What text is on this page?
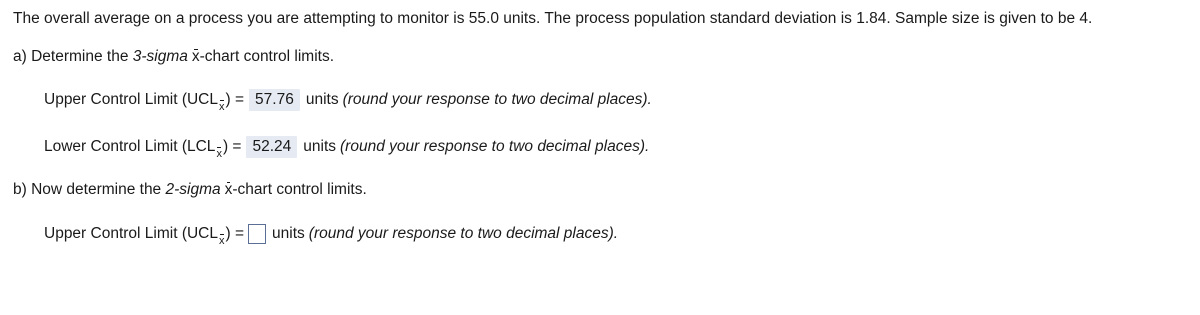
The overall average on a process you are attempting to monitor is 55.0 units. The process population standard deviation is 1.84. Sample size is given to be 4.
a) Determine the 3-sigma x -chart control limits.
Upper Control Limit (UCL x ) = 57.76 units (round your response to two decimal places).
Lower Control Limit (LCL x ) = 52.24 units (round your response to two decimal places).
b) Now determine the 2-sigma x -chart control limits.
Upper Control Limit (UCL x ) = units (round your response to two decimal places).
